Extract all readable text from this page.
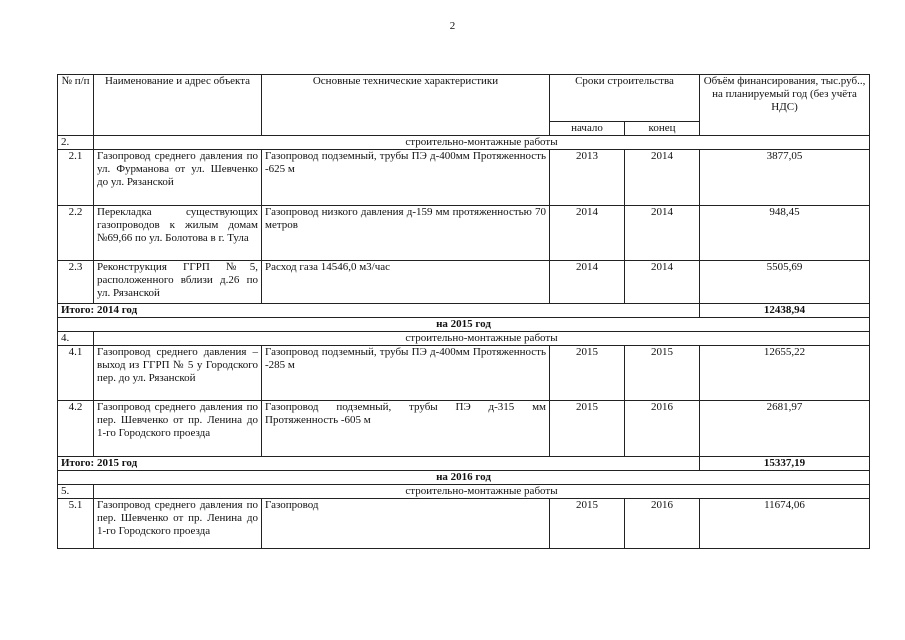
2
№ п/п	Наименование и адрес объекта	Основные технические характеристики	Сроки строительства		Объём финансирования, тыс.руб.., на планируемый год (без учёта НДС)
			начало	конец	
2.	строительно-монтажные работы				
2.1	Газопровод среднего давления по ул. Фурманова от ул. Шевченко до ул. Рязанской	Газопровод подземный, трубы ПЭ д-400мм Протяженность -625 м	2013	2014	3877,05
2.2	Перекладка существующих газопроводов к жилым домам №69,66 по ул. Болотова в г. Тула	Газопровод низкого давления д-159 мм протяженностью 70 метров	2014	2014	948,45
2.3	Реконструкция ГГРП №5, расположенного вблизи д.26 по ул. Рязанской	Расход газа 14546,0 м3/час	2014	2014	5505,69
Итого: 2014 год					12438,94
на 2015 год					
4.	строительно-монтажные работы				
4.1	Газопровод среднего давления – выход из ГГРП № 5 у Городского пер. до ул. Рязанской	Газопровод подземный, трубы ПЭ д-400мм Протяженность -285 м	2015	2015	12655,22
4.2	Газопровод среднего давления по пер. Шевченко от пр. Ленина до 1-го Городского проезда	Газопровод подземный, трубы ПЭ д-315 мм Протяженность -605 м	2015	2016	2681,97
Итого: 2015 год					15337,19
на 2016 год					
5.	строительно-монтажные работы				
5.1	Газопровод среднего давления по пер. Шевченко от пр. Ленина до 1-го Городского проезда	Газопровод	2015	2016	11674,06
